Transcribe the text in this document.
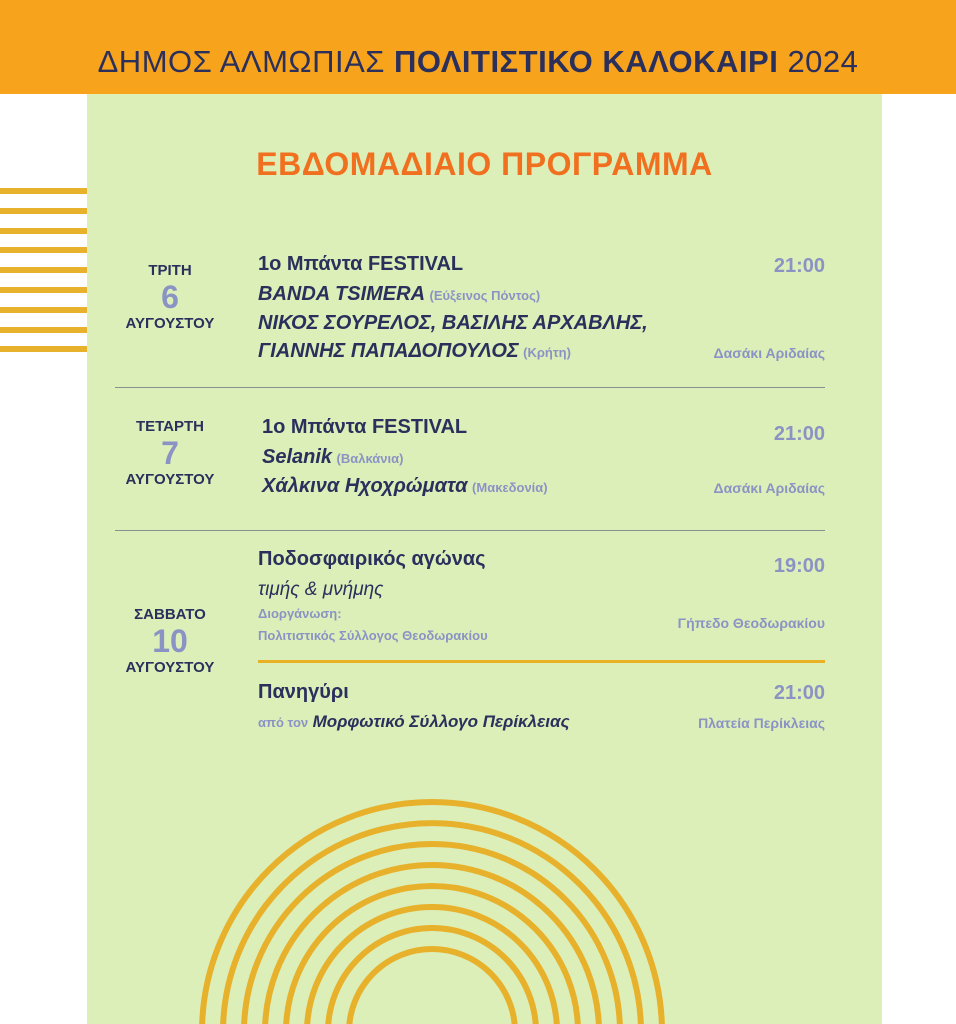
ΔΗΜΟΣ ΑΛΜΩΠΙΑΣ ΠΟΛΙΤΙΣΤΙΚΟ ΚΑΛΟΚΑΙΡΙ 2024
ΕΒΔΟΜΑΔΙΑΙΟ ΠΡΟΓΡΑΜΜΑ
ΤΡΙΤΗ
6
ΑΥΓΟΥΣΤΟΥ
1ο Μπάντα FESTIVAL
BANDA TSIMERA (Εύξεινος Πόντος)
ΝΙΚΟΣ ΣΟΥΡΕΛΟΣ, ΒΑΣΙΛΗΣ ΑΡΧΑΒΛΗΣ,
ΓΙΑΝΝΗΣ ΠΑΠΑΔΟΠΟΥΛΟΣ (Κρήτη)
21:00
Δασάκι Αριδαίας
ΤΕΤΑΡΤΗ
7
ΑΥΓΟΥΣΤΟΥ
1ο Μπάντα FESTIVAL
Selanik (Βαλκάνια)
Χάλκινα Ηχοχρώματα (Μακεδονία)
21:00
Δασάκι Αριδαίας
ΣΑΒΒΑΤΟ
10
ΑΥΓΟΥΣΤΟΥ
Ποδοσφαιρικός αγώνας
τιμής & μνήμης
Διοργάνωση:
Πολιτιστικός Σύλλογος Θεοδωρακίου
19:00
Γήπεδο Θεοδωρακίου
Πανηγύρι
από τον Μορφωτικό Σύλλογο Περίκλειας
21:00
Πλατεία Περίκλειας
